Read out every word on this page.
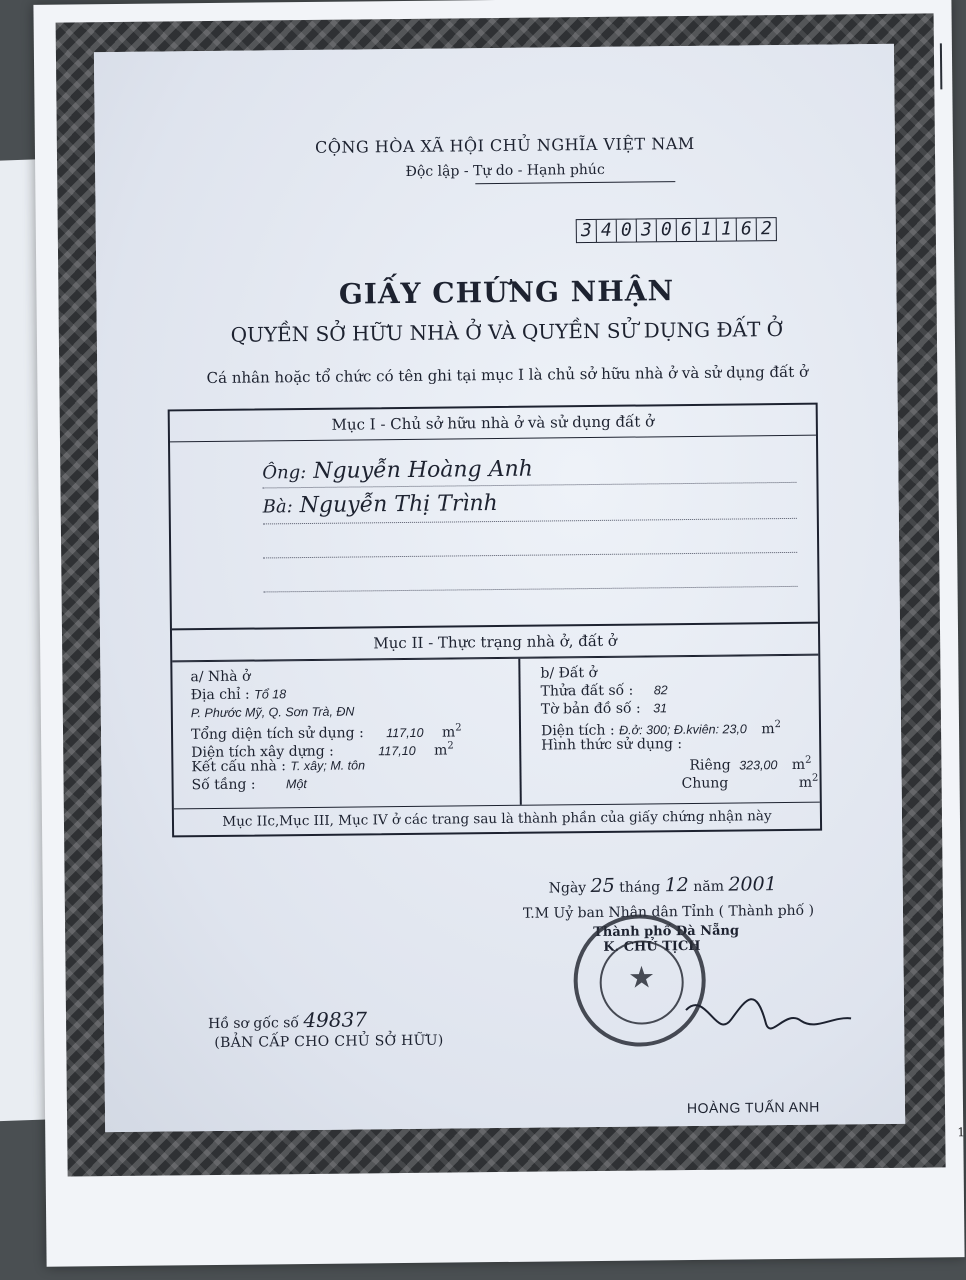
CỘNG HÒA XÃ HỘI CHỦ NGHĨA VIỆT NAM
Độc lập - Tự do - Hạnh phúc
3 4 0 3 0 6 1 1 6 2
GIẤY CHỨNG NHẬN
QUYỀN SỞ HỮU NHÀ Ở VÀ QUYỀN SỬ DỤNG ĐẤT Ở
Cá nhân hoặc tổ chức có tên ghi tại mục I là chủ sở hữu nhà ở và sử dụng đất ở
Mục I - Chủ sở hữu nhà ở và sử dụng đất ở
Ông: Nguyễn Hoàng Anh
Bà: Nguyễn Thị Trình
Mục II - Thực trạng nhà ở, đất ở
a/ Nhà ở
Địa chỉ : Tổ 18
P. Phước Mỹ, Q. Sơn Trà, ĐN
Tổng diện tích sử dụng : 117,10 $m^2$
Diện tích xây dựng :	117,10 $m^2$
Kết cấu nhà : T. xây; M. tôn
Số tầng : Một
b/ Đất ở
Thửa đất số : 82
Tờ bản đồ số : 31
Diện tích : Đ.ở: 300; Đ.kviên: 23,0 $m^2$
Hình thức sử dụng :
Riêng 323,00 $m^2$
Chung	$m^2$
Mục IIc,Mục III, Mục IV ở các trang sau là thành phần của giấy chứng nhận này
Ngày 25 tháng 12 năm 2001
T.M Uỷ ban Nhân dân Tỉnh ( Thành phố )
Thành phố Đà Nẵng
K. CHỦ TỊCH
★
HOÀNG TUẤN ANH
Hồ sơ gốc số 49837
(BẢN CẤP CHO CHỦ SỞ HỮU)
1
